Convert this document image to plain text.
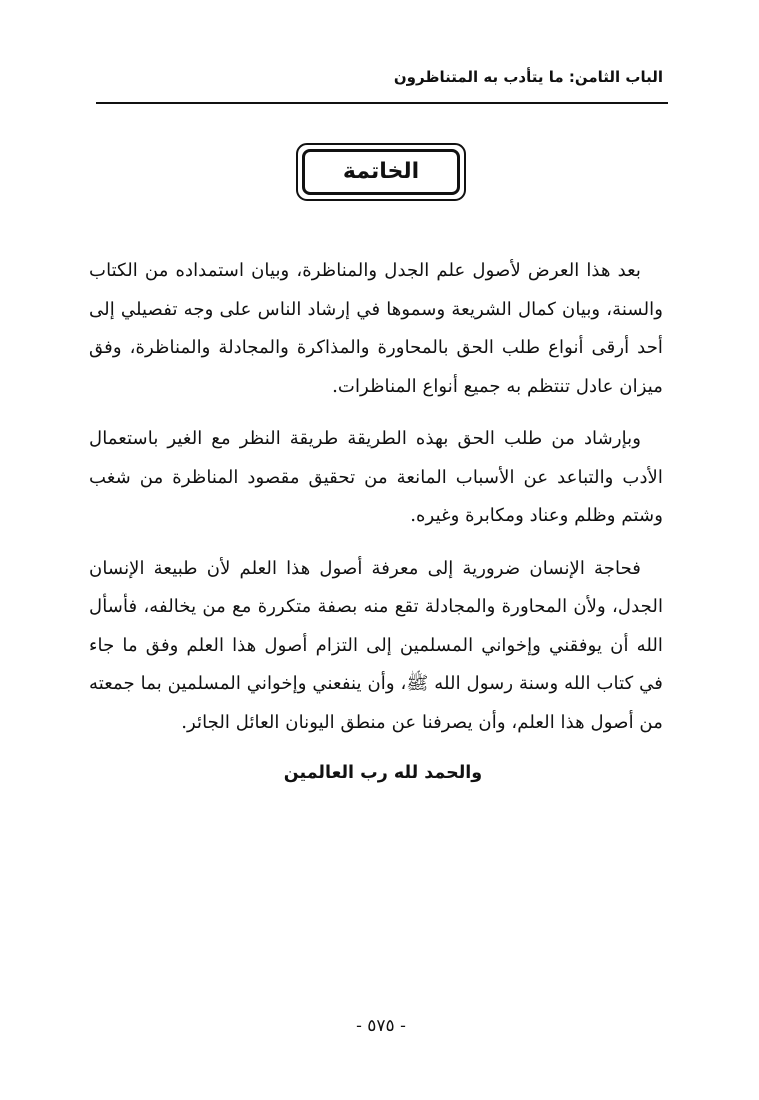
الباب الثامن: ما يتأدب به المتناظرون
الخاتمة

بعد هذا العرض لأصول علم الجدل والمناظرة، وبيان استمداده من الكتاب والسنة، وبيان كمال الشريعة وسموها في إرشاد الناس على وجه تفصيلي إلى أحد أرقى أنواع طلب الحق بالمحاورة والمذاكرة والمجادلة والمناظرة، وفق ميزان عادل تنتظم به جميع أنواع المناظرات.

وبإرشاد من طلب الحق بهذه الطريقة طريقة النظر مع الغير باستعمال الأدب والتباعد عن الأسباب المانعة من تحقيق مقصود المناظرة من شغب وشتم وظلم وعناد ومكابرة وغيره.

فحاجة الإنسان ضرورية إلى معرفة أصول هذا العلم لأن طبيعة الإنسان الجدل، ولأن المحاورة والمجادلة تقع منه بصفة متكررة مع من يخالفه، فأسأل الله أن يوفقني وإخواني المسلمين إلى التزام أصول هذا العلم وفق ما جاء في كتاب الله وسنة رسول الله ﷺ، وأن ينفعني وإخواني المسلمين بما جمعته من أصول هذا العلم، وأن يصرفنا عن منطق اليونان العائل الجائر.

والحمد لله رب العالمين

- ٥٧٥ -
